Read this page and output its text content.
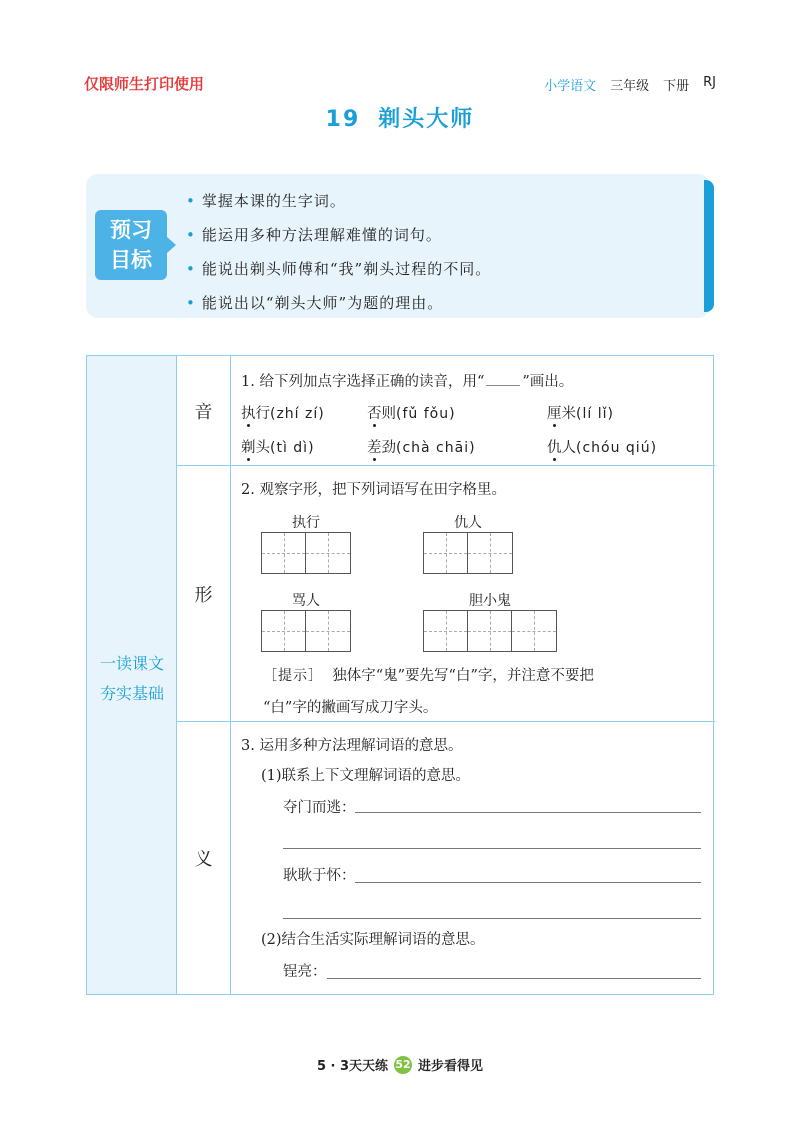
仅限师生打印使用	小学语文 三年级 下册 RJ
19 剃头大师
预习
目标
• 掌握本课的生字词。
• 能运用多种方法理解难懂的词句。
• 能说出剃头师傅和“我”剃头过程的不同。
• 能说出以“剃头大师”为题的理由。
一读课文
夯实基础
音
1. 给下列加点字选择正确的读音，用“	”画出。
执行(zhí zí)	否则(fǔ fǒu)	厘米(lí lǐ)
剃头(tì dì)	差劲(chà chāi)	仇人(chóu qiú)
形
2. 观察字形，把下列词语写在田字格里。
执行	仇人
骂人	胆小鬼
［提示］ 独体字“鬼”要先写“白”字，并注意不要把
“白”字的撇画写成刀字头。
义
3. 运用多种方法理解词语的意思。
(1)联系上下文理解词语的意思。
夺门而逃：
耿耿于怀：
(2)结合生活实际理解词语的意思。
锃亮：
5 · 3天天练 52 进步看得见
